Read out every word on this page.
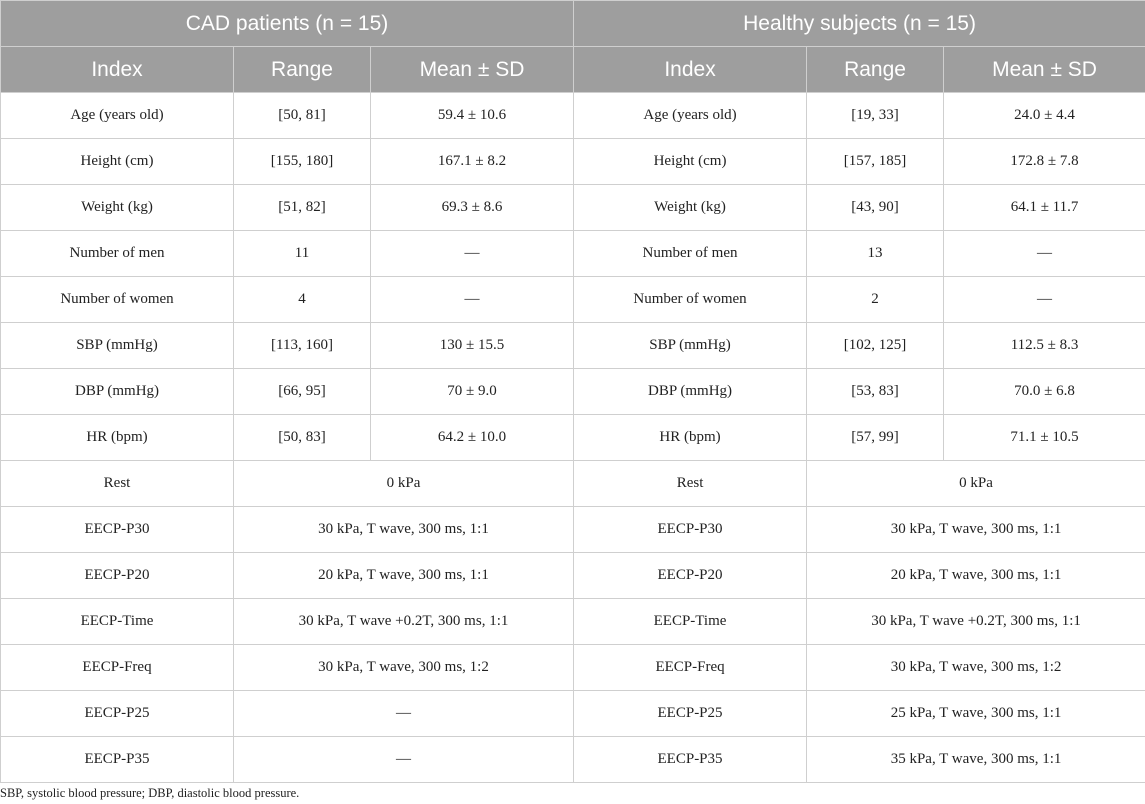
CAD patients (n = 15)			Healthy subjects (n = 15)		
Index	Range	Mean ± SD	Index	Range	Mean ± SD
Age (years old)	[50, 81]	59.4 ± 10.6	Age (years old)	[19, 33]	24.0 ± 4.4
Height (cm)	[155, 180]	167.1 ± 8.2	Height (cm)	[157, 185]	172.8 ± 7.8
Weight (kg)	[51, 82]	69.3 ± 8.6	Weight (kg)	[43, 90]	64.1 ± 11.7
Number of men	11	—	Number of men	13	—
Number of women	4	—	Number of women	2	—
SBP (mmHg)	[113, 160]	130 ± 15.5	SBP (mmHg)	[102, 125]	112.5 ± 8.3
DBP (mmHg)	[66, 95]	70 ± 9.0	DBP (mmHg)	[53, 83]	70.0 ± 6.8
HR (bpm)	[50, 83]	64.2 ± 10.0	HR (bpm)	[57, 99]	71.1 ± 10.5
Rest	0 kPa		Rest	0 kPa	
EECP-P30	30 kPa, T wave, 300 ms, 1:1		EECP-P30	30 kPa, T wave, 300 ms, 1:1	
EECP-P20	20 kPa, T wave, 300 ms, 1:1		EECP-P20	20 kPa, T wave, 300 ms, 1:1	
EECP-Time	30 kPa, T wave +0.2T, 300 ms, 1:1		EECP-Time	30 kPa, T wave +0.2T, 300 ms, 1:1	
EECP-Freq	30 kPa, T wave, 300 ms, 1:2		EECP-Freq	30 kPa, T wave, 300 ms, 1:2	
EECP-P25	—		EECP-P25	25 kPa, T wave, 300 ms, 1:1	
EECP-P35	—		EECP-P35	35 kPa, T wave, 300 ms, 1:1	
SBP, systolic blood pressure; DBP, diastolic blood pressure.
